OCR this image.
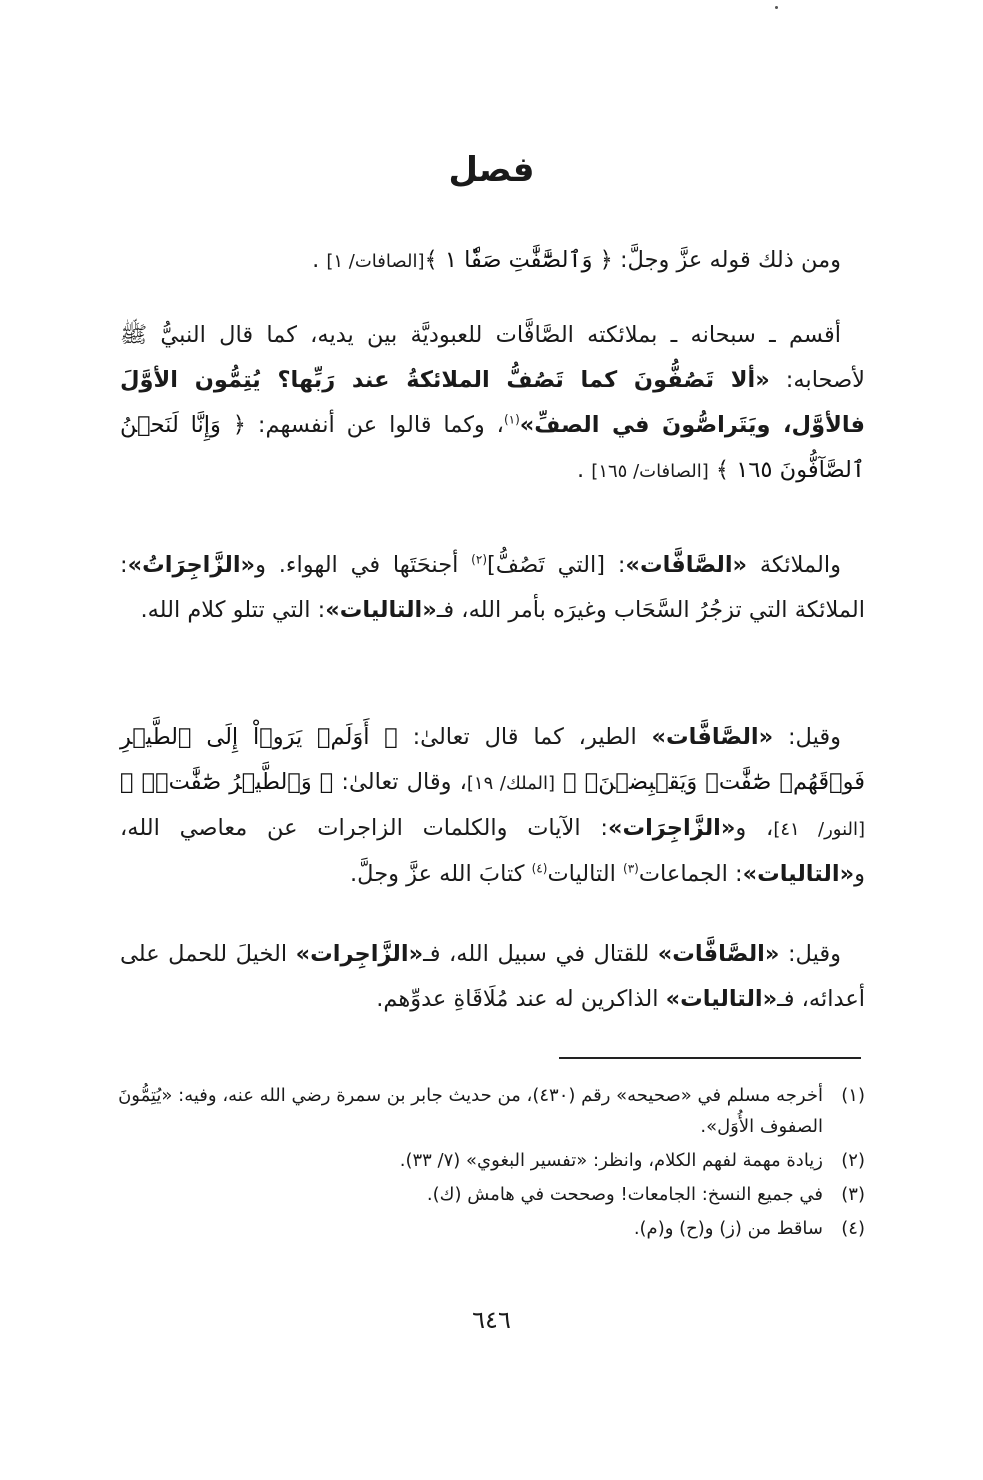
فصل

ومن ذلك قوله عزَّ وجلَّ: ﴿ وَٱلصَّٰٓفَّٰتِ صَفّٗا ١ ﴾[الصافات/ ١] .

أقسم ـ سبحانه ـ بملائكته الصَّافَّات للعبوديَّة بين يديه، كما قال النبيُّ ﷺ لأصحابه: «ألا تَصُفُّونَ كما تَصُفُّ الملائكةُ عند رَبِّها؟ يُتِمُّون الأوَّلَ فالأوَّل، ويَتَراصُّونَ في الصفِّ»$^{(١)}$، وكما قالوا عن أنفسهم: ﴿ وَإِنَّا لَنَحۡنُ ٱلصَّآفُّونَ ١٦٥ ﴾ [الصافات/ ١٦٥] .

والملائكة «الصَّافَّات»: [التي تَصُفُّ]$^{(٢)}$ أجنحَتَها في الهواء. و«الزَّاجِرَاتُ»: الملائكة التي تزجُرُ السَّحَاب وغيرَه بأمر الله، فـ«التاليات»: التي تتلو كلام الله.

وقيل: «الصَّافَّات» الطير، كما قال تعالىٰ: ﴿ أَوَلَمۡ يَرَوۡاْ إِلَى ٱلطَّيۡرِ فَوۡقَهُمۡ صَٰٓفَّٰتٖ وَيَقۡبِضۡنَۚ ﴾ [الملك/ ١٩]، وقال تعالىٰ: ﴿ وَٱلطَّيۡرُ صَٰٓفَّٰتٖۖ ﴾ [النور/ ٤١]، و«الزَّاجِرَات»: الآيات والكلمات الزاجرات عن معاصي الله، و«التاليات»: الجماعات$^{(٣)}$ التاليات$^{(٤)}$ كتابَ الله عزَّ وجلَّ.

وقيل: «الصَّافَّات» للقتال في سبيل الله، فـ«الزَّاجِرات» الخيلَ للحمل على أعدائه، فـ«التاليات» الذاكرين له عند مُلَاقَاةِ عدوِّهم.

(١)
أخرجه مسلم في «صحيحه» رقم (٤٣٠)، من حديث جابر بن سمرة رضي الله عنه، وفيه: «يُتِمُّونَ الصفوف الأُوَل».
(٢)
زيادة مهمة لفهم الكلام، وانظر: «تفسير البغوي» (٧/ ٣٣).
(٣)
في جميع النسخ: الجامعات! وصححت في هامش (ك).
(٤)
ساقط من (ز) و(ح) و(م).
٦٤٦
